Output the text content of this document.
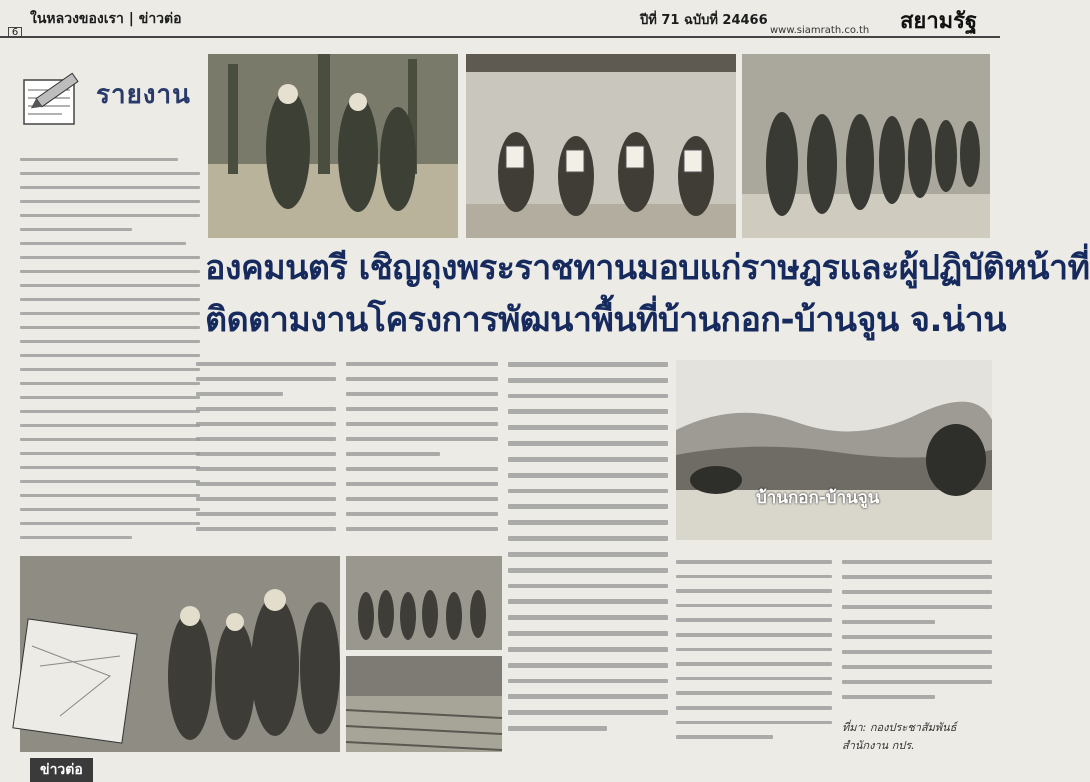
ในหลวงของเรา | ข่าวต่อ	ปีที่ 71 ฉบับที่ 24466	สยามรัฐ
www.siamrath.co.th
6
รายงาน
องคมนตรี เชิญถุงพระราชทานมอบแก่ราษฎรและผู้ปฏิบัติหน้าที่
ติดตามงานโครงการพัฒนาพื้นที่บ้านกอก-บ้านจูน จ.น่าน
บ้านกอก-บ้านจูน
ที่มา: กองประชาสัมพันธ์ สำนักงาน กปร.
ข่าวต่อ
